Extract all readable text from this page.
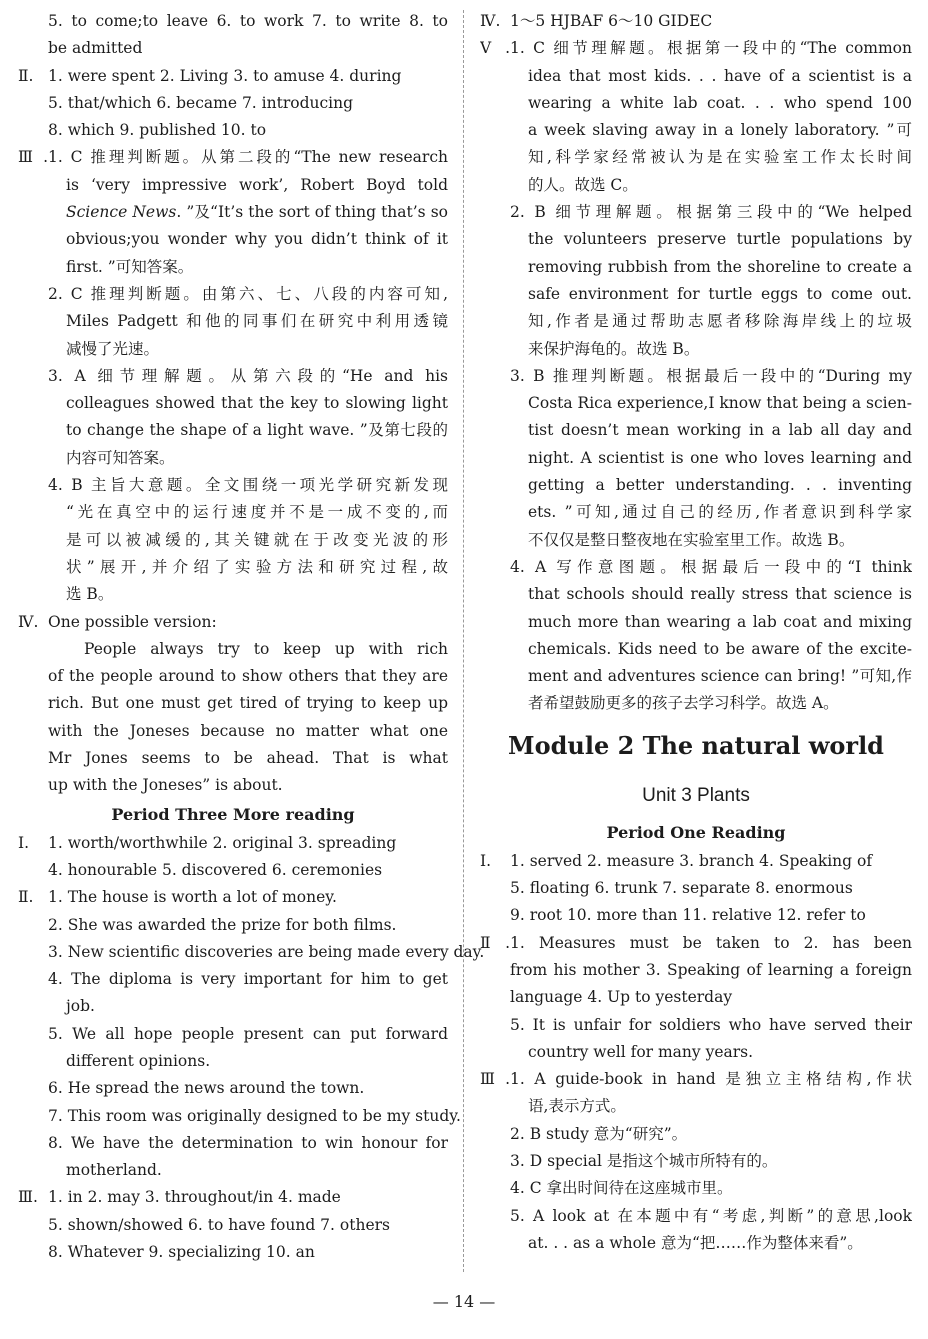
5. to come;to leave 6. to work 7. to write 8. to
be admitted
Ⅱ. 1. were spent 2. Living 3. to amuse 4. during
5. that/which 6. became 7. introducing
8. which 9. published 10. to
Ⅲ.1. C 推理判断题。从第二段的“The new research
is ‘very impressive work’, Robert Boyd told
Science News. ”及“It’s the sort of thing that’s so
obvious;you wonder why you didn’t think of it
first. ”可知答案。
2. C 推理判断题。由第六、七、八段的内容可知,
Miles Padgett 和他的同事们在研究中利用透镜
减慢了光速。
3. A 细节理解题。从第六段的“He and his
colleagues showed that the key to slowing light
to change the shape of a light wave. ”及第七段的
内容可知答案。
4. B 主旨大意题。全文围绕一项光学研究新发现
“光在真空中的运行速度并不是一成不变的,而
是可以被减缓的,其关键就在于改变光波的形
状”展开,并介绍了实验方法和研究过程,故
选 B。
Ⅳ. One possible version:
People always try to keep up with rich
of the people around to show others that they are
rich. But one must get tired of trying to keep up
with the Joneses because no matter what one
Mr Jones seems to be ahead. That is what
up with the Joneses” is about.
Period Three More reading
Ⅰ. 1. worth/worthwhile 2. original 3. spreading
4. honourable 5. discovered 6. ceremonies
Ⅱ. 1. The house is worth a lot of money.
2. She was awarded the prize for both films.
3. New scientific discoveries are being made every day.
4. The diploma is very important for him to get
job.
5. We all hope people present can put forward
different opinions.
6. He spread the news around the town.
7. This room was originally designed to be my study.
8. We have the determination to win honour for
motherland.
Ⅲ. 1. in 2. may 3. throughout/in 4. made
5. shown/showed 6. to have found 7. others
8. Whatever 9. specializing 10. an
Ⅳ. 1～5 HJBAF 6～10 GIDEC
Ⅴ.1. C 细节理解题。根据第一段中的“The common
idea that most kids. . . have of a scientist is a
wearing a white lab coat. . . who spend 100
a week slaving away in a lonely laboratory. ”可
知,科学家经常被认为是在实验室工作太长时间
的人。故选 C。
2. B 细节理解题。根据第三段中的“We helped
the volunteers preserve turtle populations by
removing rubbish from the shoreline to create a
safe environment for turtle eggs to come out.
知,作者是通过帮助志愿者移除海岸线上的垃圾
来保护海龟的。故选 B。
3. B 推理判断题。根据最后一段中的“During my
Costa Rica experience,I know that being a scien-
tist doesn’t mean working in a lab all day and
night. A scientist is one who loves learning and
getting a better understanding. . . inventing
ets. ”可知,通过自己的经历,作者意识到科学家
不仅仅是整日整夜地在实验室里工作。故选 B。
4. A 写作意图题。根据最后一段中的“I think
that schools should really stress that science is
much more than wearing a lab coat and mixing
chemicals. Kids need to be aware of the excite-
ment and adventures science can bring! ”可知,作
者希望鼓励更多的孩子去学习科学。故选 A。
Module 2 The natural world
Unit 3 Plants
Period One Reading
Ⅰ. 1. served 2. measure 3. branch 4. Speaking of
5. floating 6. trunk 7. separate 8. enormous
9. root 10. more than 11. relative 12. refer to
Ⅱ.1. Measures must be taken to 2. has been
from his mother 3. Speaking of learning a foreign
language 4. Up to yesterday
5. It is unfair for soldiers who have served their
country well for many years.
Ⅲ.1. A guide-book in hand 是独立主格结构,作状
语,表示方式。
2. B study 意为“研究”。
3. D special 是指这个城市所特有的。
4. C 拿出时间待在这座城市里。
5. A look at 在本题中有“考虑,判断”的意思,look
at. . . as a whole 意为“把……作为整体来看”。
— 14 —
